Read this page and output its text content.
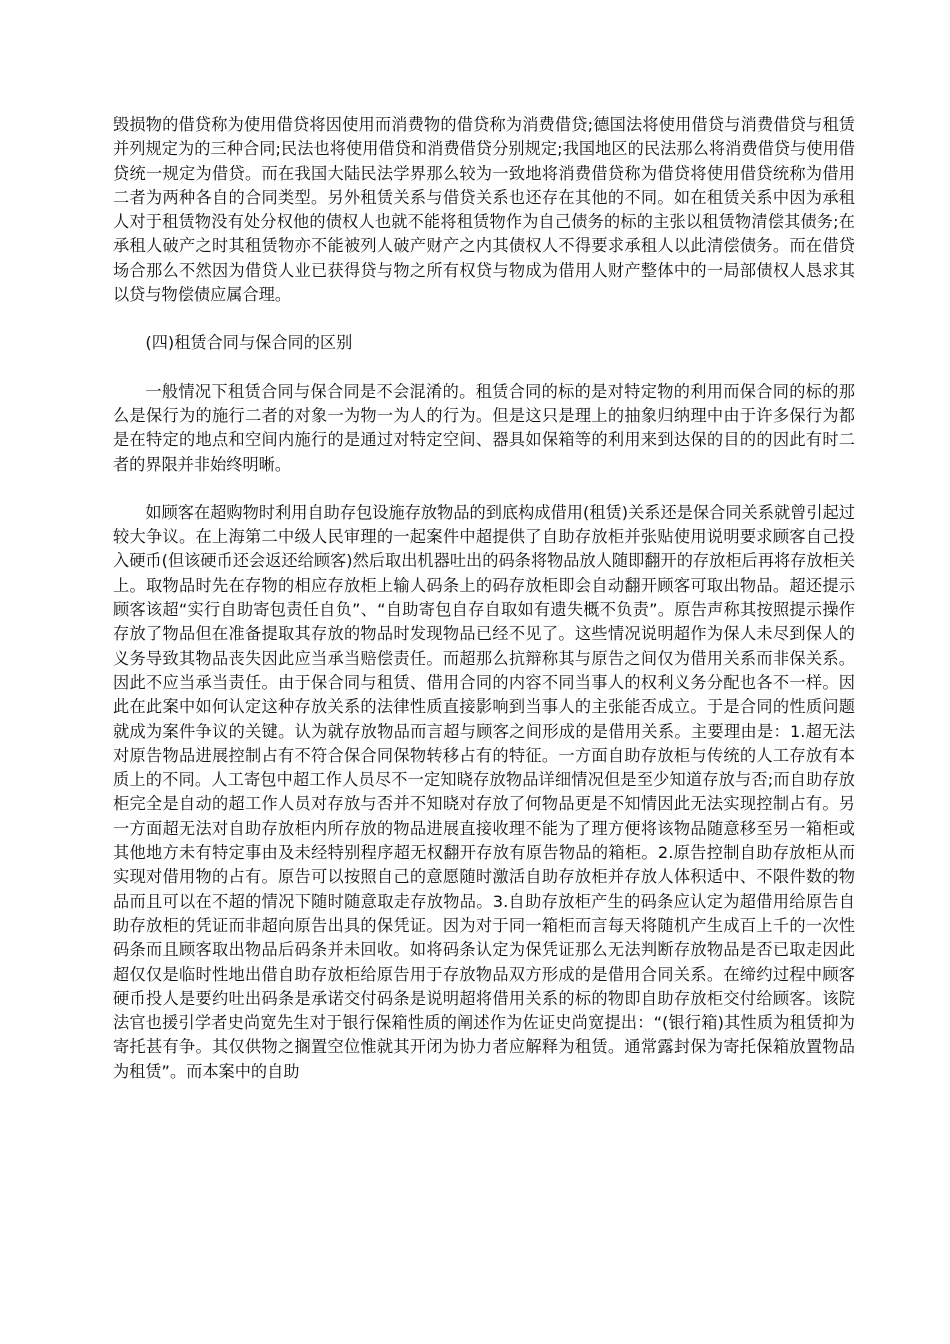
毁损物的借贷称为使用借贷将因使用而消费物的借贷称为消费借贷;德国法将使用借贷与消费借贷与租赁并列规定为的三种合同;民法也将使用借贷和消费借贷分别规定;我国地区的民法那么将消费借贷与使用借贷统一规定为借贷。而在我国大陆民法学界那么较为一致地将消费借贷称为借贷将使用借贷统称为借用二者为两种各自的合同类型。另外租赁关系与借贷关系也还存在其他的不同。如在租赁关系中因为承租人对于租赁物没有处分权他的债权人也就不能将租赁物作为自己债务的标的主张以租赁物清偿其债务;在承租人破产之时其租赁物亦不能被列人破产财产之内其债权人不得要求承租人以此清偿债务。而在借贷场合那么不然因为借贷人业已获得贷与物之所有权贷与物成为借用人财产整体中的一局部债权人恳求其以贷与物偿债应属合理。

(四)租赁合同与保合同的区别

一般情况下租赁合同与保合同是不会混淆的。租赁合同的标的是对特定物的利用而保合同的标的那么是保行为的施行二者的对象一为物一为人的行为。但是这只是理上的抽象归纳理中由于许多保行为都是在特定的地点和空间内施行的是通过对特定空间、器具如保箱等的利用来到达保的目的的因此有时二者的界限并非始终明晰。

如顾客在超购物时利用自助存包设施存放物品的到底构成借用(租赁)关系还是保合同关系就曾引起过较大争议。在上海第二中级人民审理的一起案件中超提供了自助存放柜并张贴使用说明要求顾客自己投入硬币(但该硬币还会返还给顾客)然后取出机器吐出的码条将物品放人随即翻开的存放柜后再将存放柜关上。取物品时先在存物的相应存放柜上输人码条上的码存放柜即会自动翻开顾客可取出物品。超还提示顾客该超“实行自助寄包责任自负”、“自助寄包自存自取如有遗失概不负责”。原告声称其按照提示操作存放了物品但在准备提取其存放的物品时发现物品已经不见了。这些情况说明超作为保人未尽到保人的义务导致其物品丧失因此应当承当赔偿责任。而超那么抗辩称其与原告之间仅为借用关系而非保关系。因此不应当承当责任。由于保合同与租赁、借用合同的内容不同当事人的权利义务分配也各不一样。因此在此案中如何认定这种存放关系的法律性质直接影响到当事人的主张能否成立。于是合同的性质问题就成为案件争议的关键。认为就存放物品而言超与顾客之间形成的是借用关系。主要理由是：1.超无法对原告物品进展控制占有不符合保合同保物转移占有的特征。一方面自助存放柜与传统的人工存放有本质上的不同。人工寄包中超工作人员尽不一定知晓存放物品详细情况但是至少知道存放与否;而自助存放柜完全是自动的超工作人员对存放与否并不知晓对存放了何物品更是不知情因此无法实现控制占有。另一方面超无法对自助存放柜内所存放的物品进展直接收理不能为了理方便将该物品随意移至另一箱柜或其他地方未有特定事由及未经特别程序超无权翻开存放有原告物品的箱柜。2.原告控制自助存放柜从而实现对借用物的占有。原告可以按照自己的意愿随时激活自助存放柜并存放人体积适中、不限件数的物品而且可以在不超的情况下随时随意取走存放物品。3.自助存放柜产生的码条应认定为超借用给原告自助存放柜的凭证而非超向原告出具的保凭证。因为对于同一箱柜而言每天将随机产生成百上千的一次性码条而且顾客取出物品后码条并未回收。如将码条认定为保凭证那么无法判断存放物品是否已取走因此超仅仅是临时性地出借自助存放柜给原告用于存放物品双方形成的是借用合同关系。在缔约过程中顾客硬币投人是要约吐出码条是承诺交付码条是说明超将借用关系的标的物即自助存放柜交付给顾客。该院法官也援引学者史尚宽先生对于银行保箱性质的阐述作为佐证史尚宽提出：“(银行箱)其性质为租赁抑为寄托甚有争。其仅供物之搁置空位惟就其开闭为协力者应解释为租赁。通常露封保为寄托保箱放置物品为租赁”。而本案中的自助
